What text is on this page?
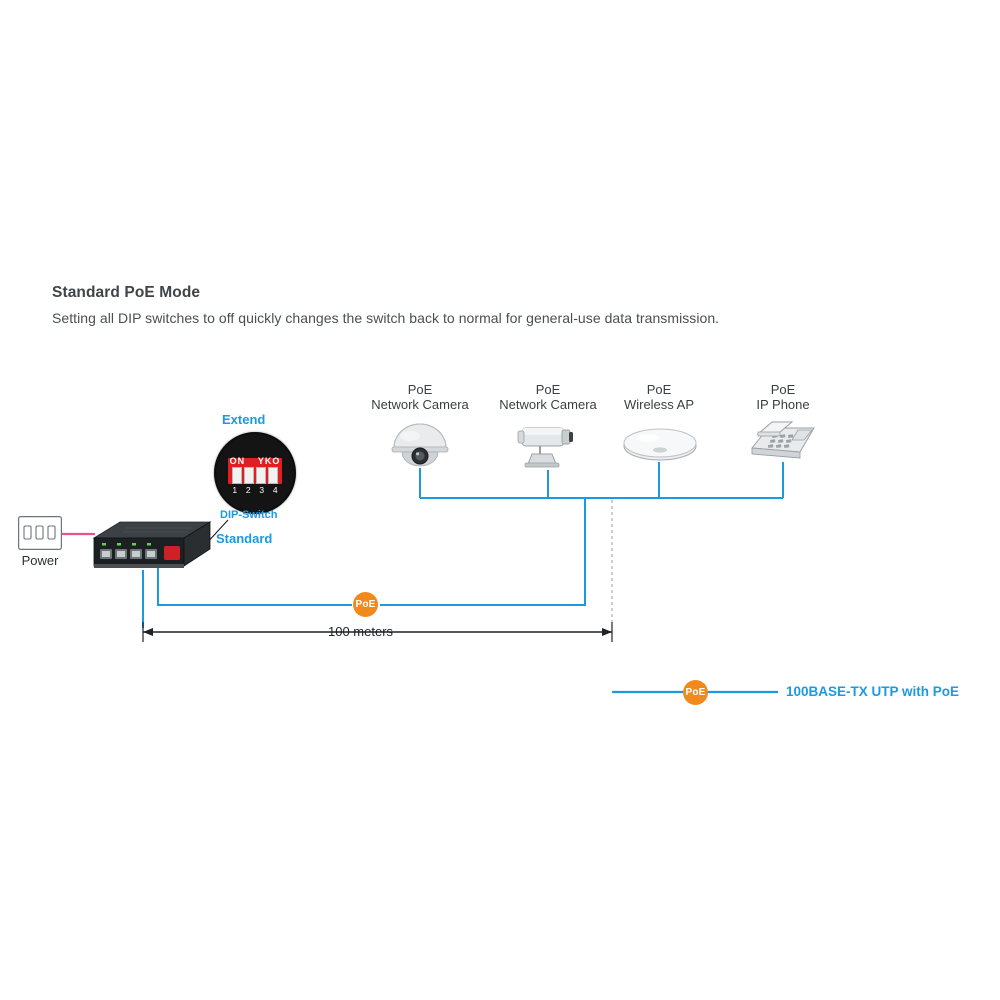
Standard PoE Mode
Setting all DIP switches to off quickly changes the switch back to normal for general-use data transmission.
Power
Extend
ON YKO
1 2 3 4
DIP-Switch
Standard
PoE
Network Camera
PoE
Network Camera
PoE
Wireless AP
PoE
IP Phone
PoE
100 meters
PoE	100BASE-TX UTP with PoE
